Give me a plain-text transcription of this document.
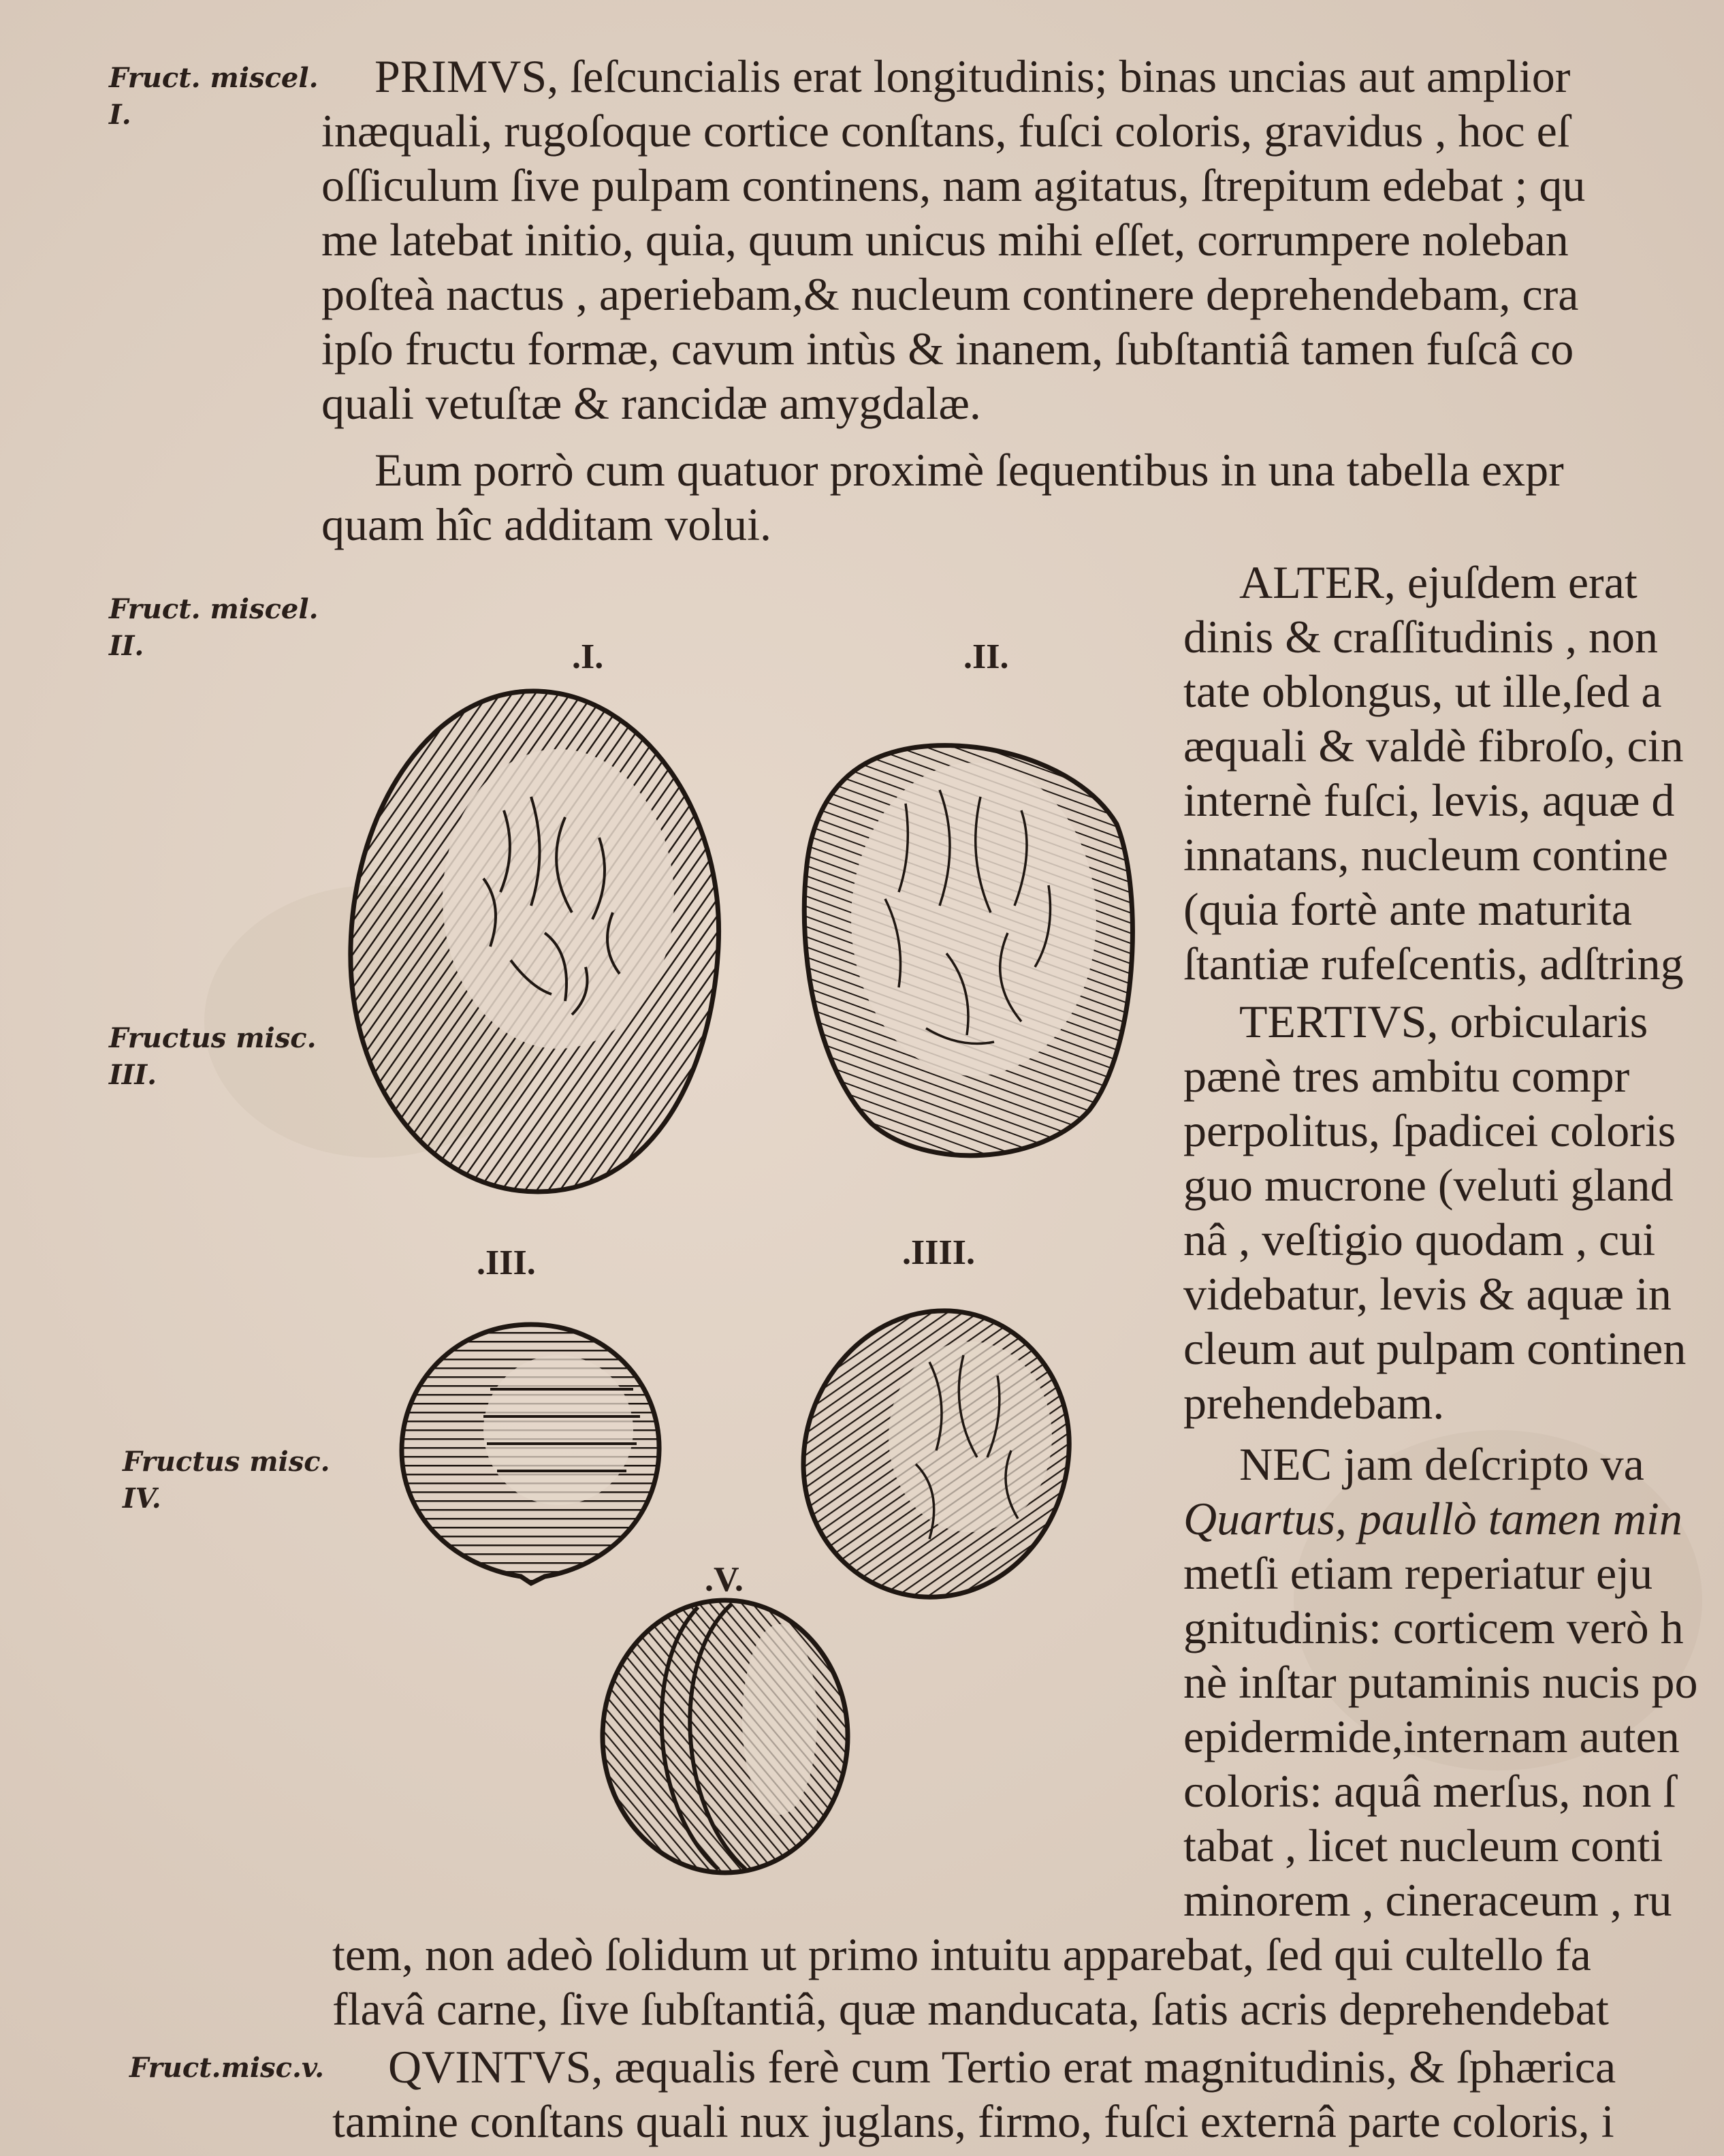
Fruct. miscel.
I.
Fruct. miscel.
II.
Fructus misc.
III.
Fructus misc.
IV.
Fruct.misc.v.
PRIMVS, ſeſcuncialis erat longitudinis; binas uncias aut amplior
inæquali, rugoſoque cortice conſtans, fuſci coloris, gravidus , hoc eſ
oſſiculum ſive pulpam continens, nam agitatus, ſtrepitum edebat ; qu
me latebat initio, quia, quum unicus mihi eſſet, corrumpere noleban
poſteà nactus , aperiebam,& nucleum continere deprehendebam, cra
ipſo fructu formæ, cavum intùs & inanem, ſubſtantiâ tamen fuſcâ co
quali vetuſtæ & rancidæ amygdalæ.
Eum porrò cum quatuor proximè ſequentibus in una tabella expr
quam hîc additam volui.
ALTER, ejuſdem erat
dinis & craſſitudinis , non
tate oblongus, ut ille,ſed a
æquali & valdè fibroſo, cin
internè fuſci, levis, aquæ d
innatans, nucleum contine
(quia fortè ante maturita
ſtantiæ rufeſcentis, adſtring
TERTIVS, orbicularis
pænè tres ambitu compr
perpolitus, ſpadicei coloris
guo mucrone (veluti gland
nâ , veſtigio quodam , cui
videbatur, levis & aquæ in
cleum aut pulpam continen
prehendebam.
NEC jam deſcripto va
Quartus, paullò tamen min
metſi etiam reperiatur eju
gnitudinis: corticem verò h
nè inſtar putaminis nucis po
epidermide,internam auten
coloris: aquâ merſus, non ſ
tabat , licet nucleum conti
minorem , cineraceum , ru
tem, non adeò ſolidum ut primo intuitu apparebat, ſed qui cultello fa
flavâ carne, ſive ſubſtantiâ, quæ manducata, ſatis acris deprehendebat
QVINTVS, æqualis ferè cum Tertio erat magnitudinis, & ſphærica
tamine conſtans quali nux juglans, firmo, fuſci externâ parte coloris, i
.I.	.II.
.III.	.IIII.
.V.
